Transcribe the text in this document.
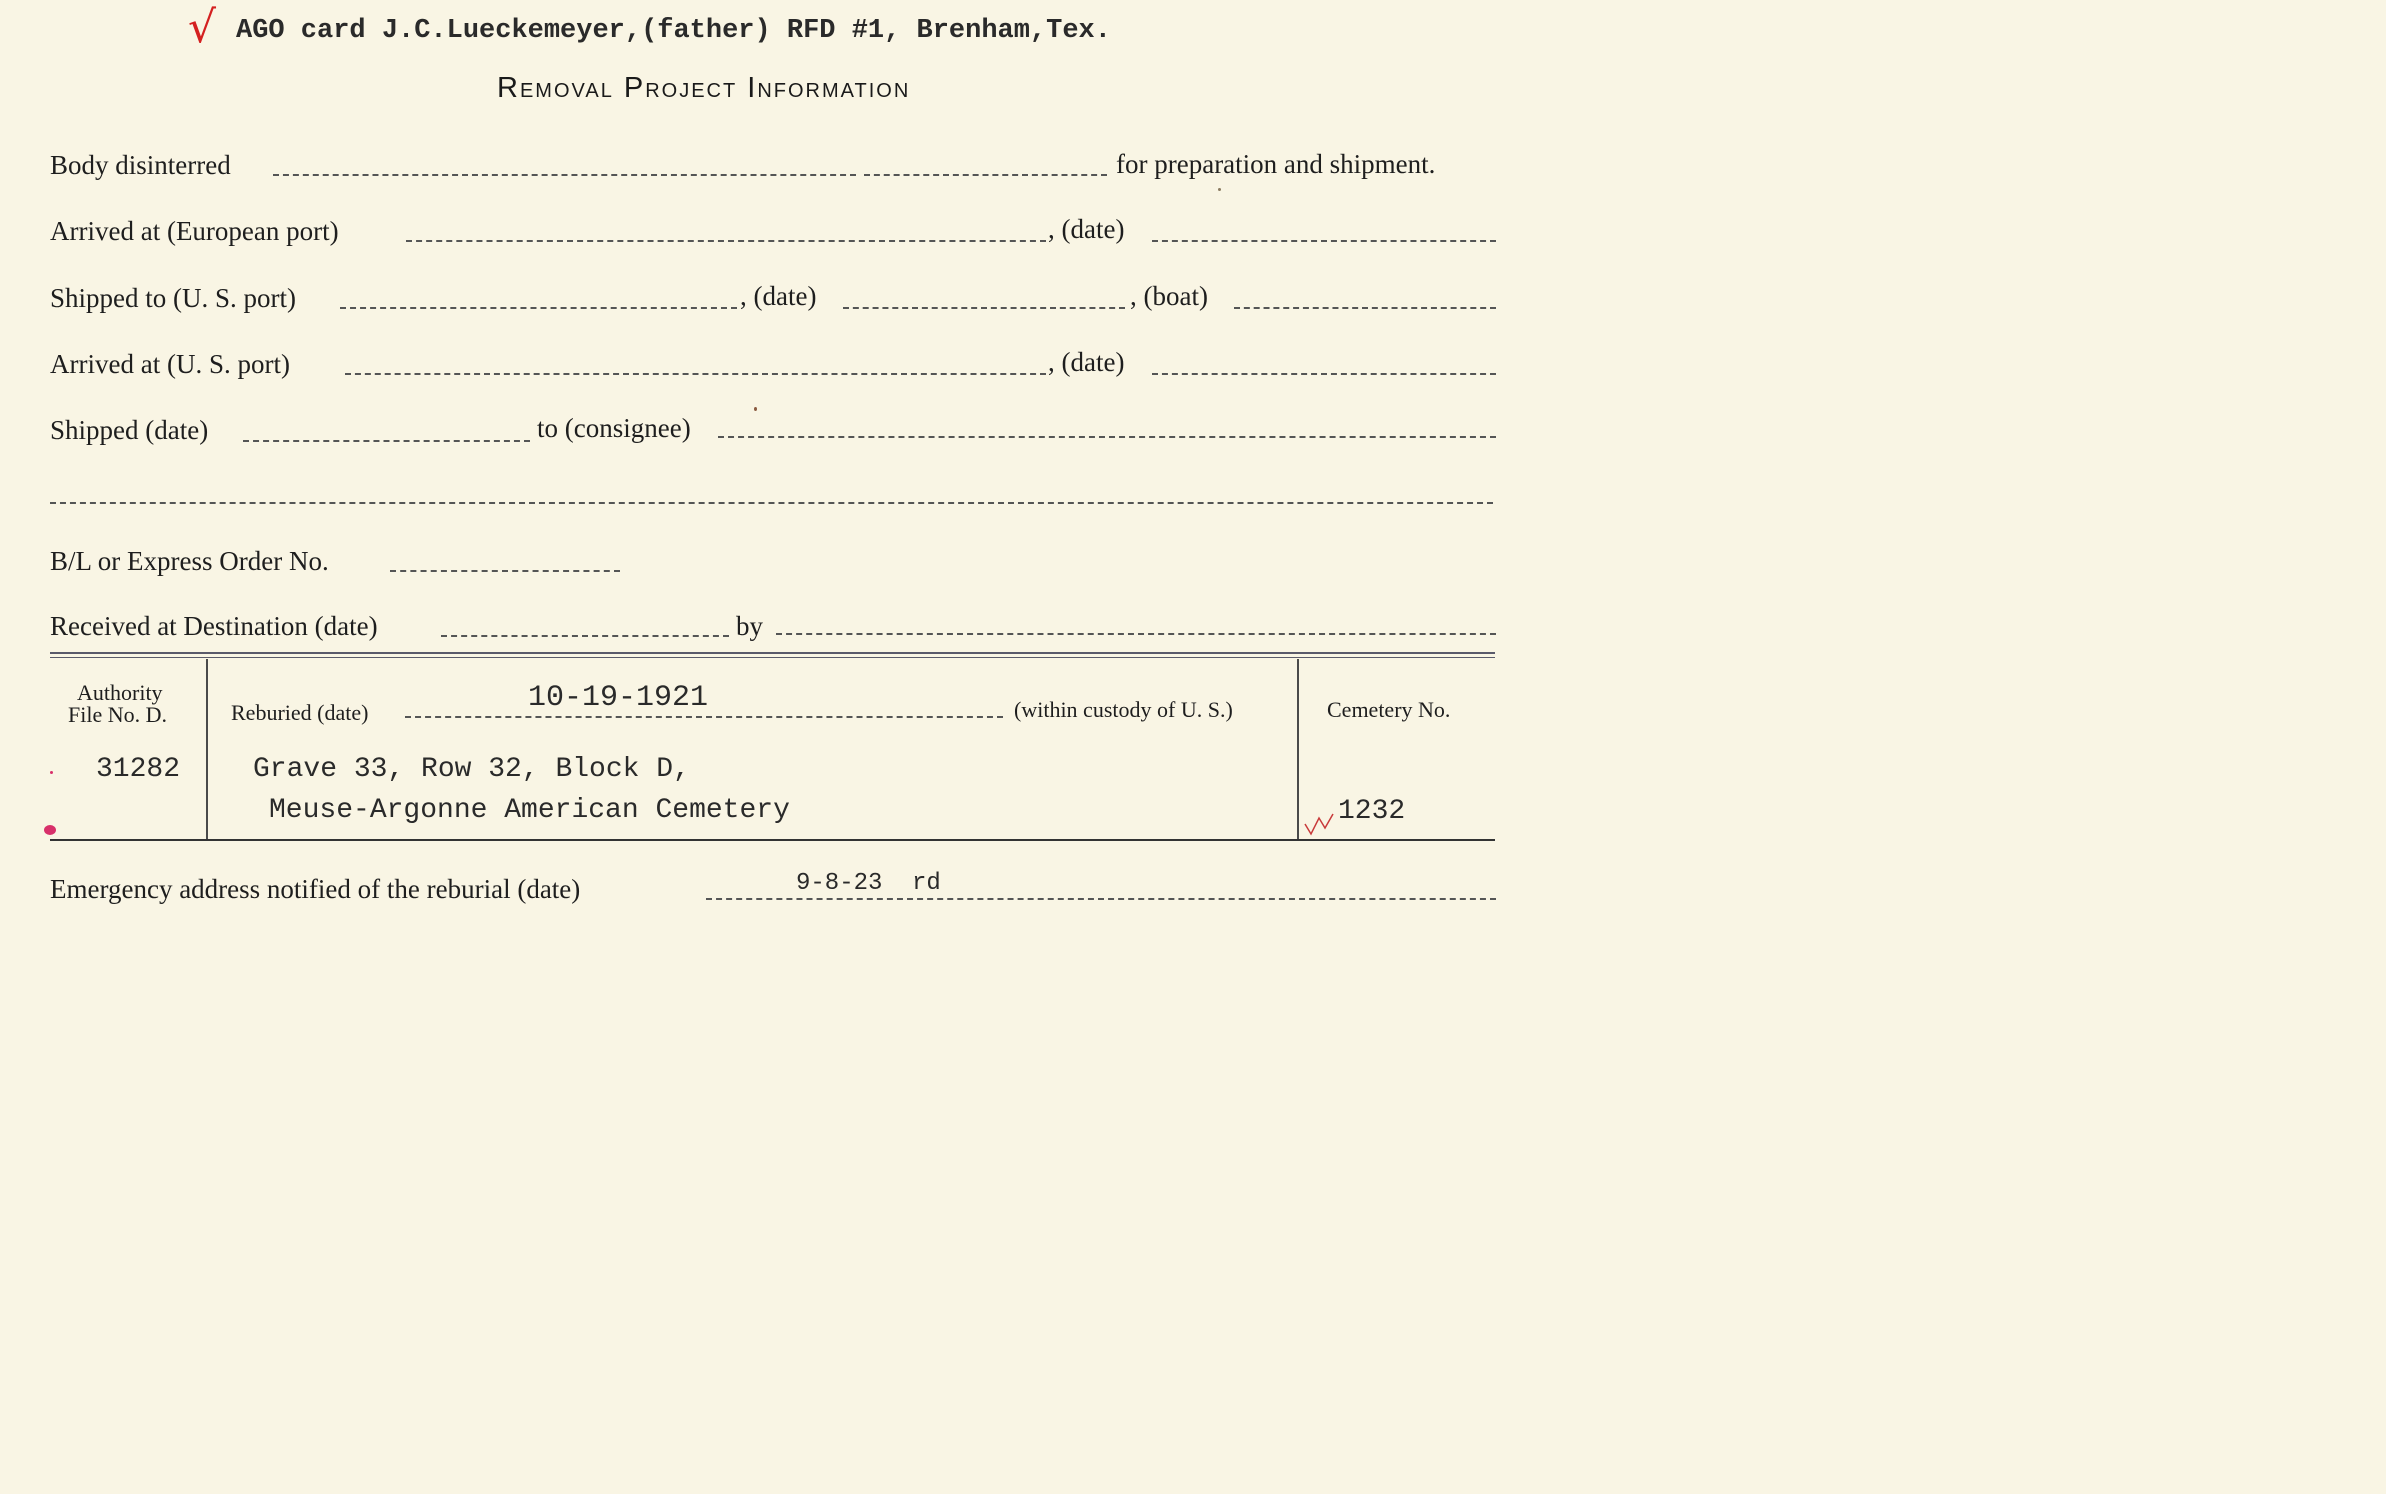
√ AGO card J.C.Lueckemeyer,(father) RFD #1, Brenham,Tex.
Removal Project Information
Body disinterred	for preparation and shipment.
Arrived at (European port)	, (date)
Shipped to (U. S. port)	, (date)	, (boat)
Arrived at (U. S. port)	, (date)
Shipped (date)	to (consignee)
B/L or Express Order No.
Received at Destination (date)	by
Authority
File No. D.
31282
Reburied (date)	10-19-1921	(within custody of U. S.)
Grave 33, Row 32, Block D,
Meuse-Argonne American Cemetery
Cemetery No.
1232
Emergency address notified of the reburial (date)	9-8-23 rd
